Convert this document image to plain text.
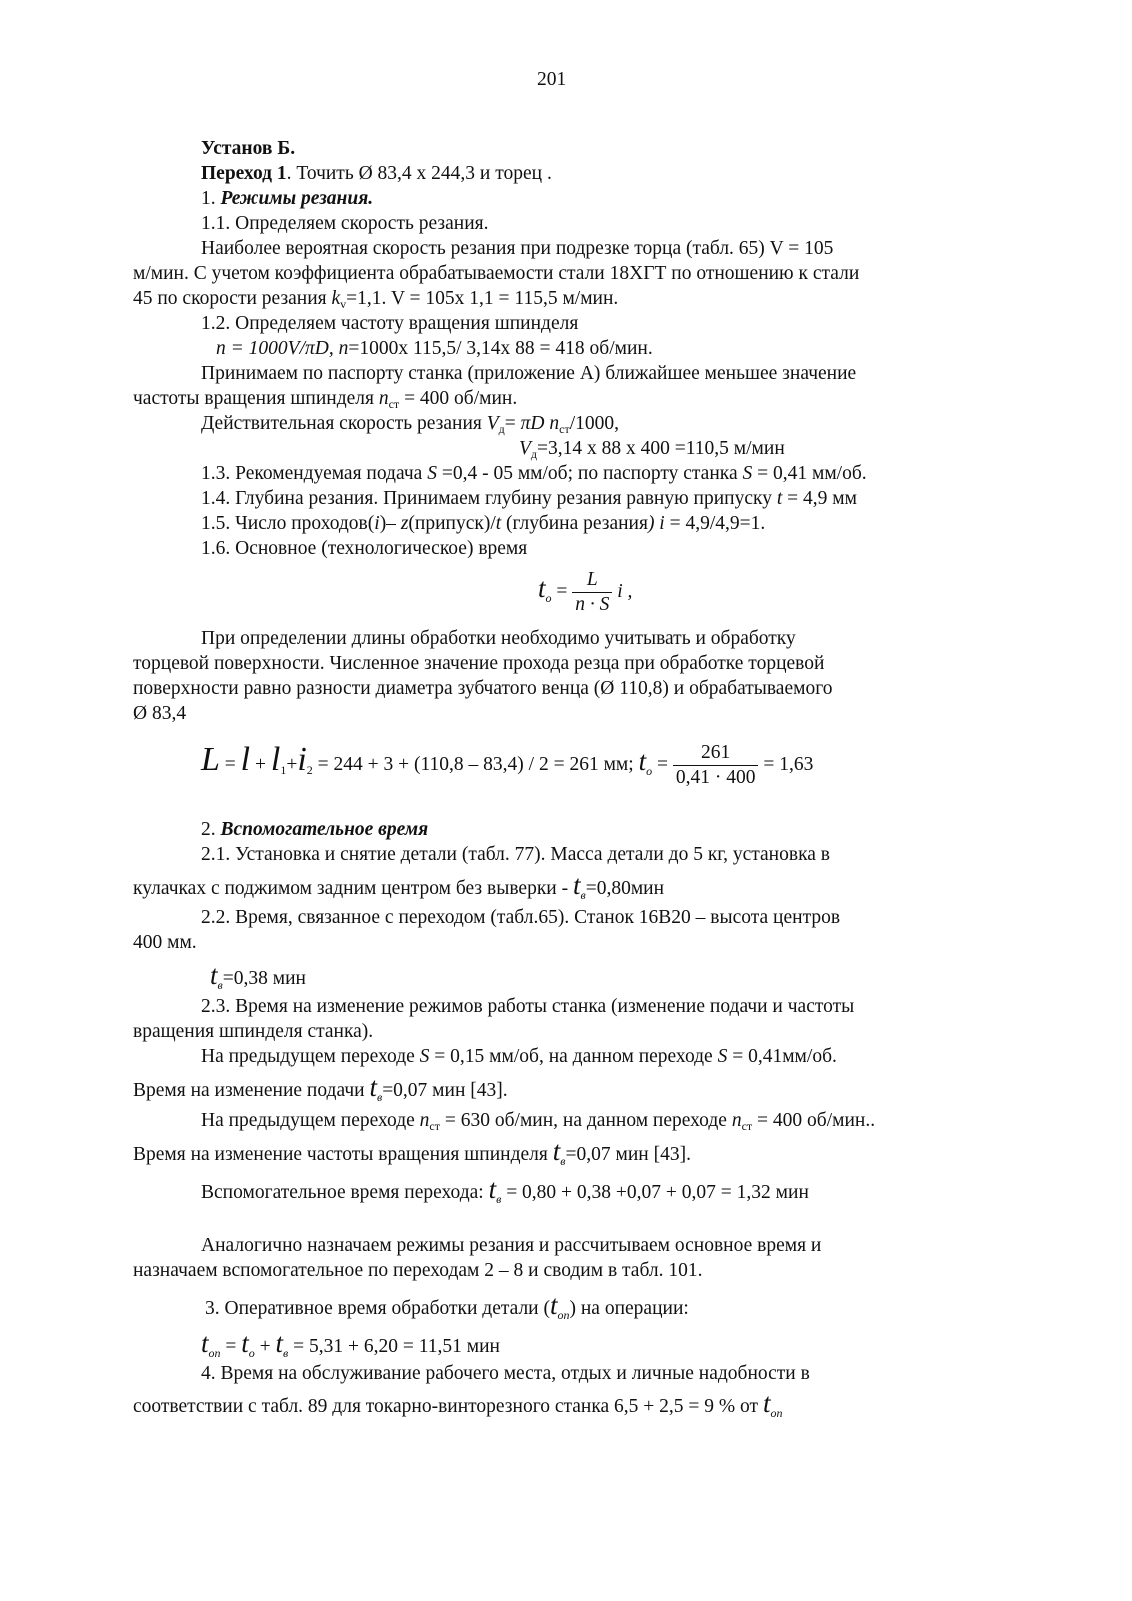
201
Установ Б.
Переход 1. Точить Ø 83,4 х 244,3 и торец .
1. Режимы резания.
1.1. Определяем скорость резания.
Наиболее вероятная скорость резания при подрезке торца (табл. 65) V = 105
м/мин. С учетом коэффициента обрабатываемости стали 18ХГТ по отношению к стали
45 по скорости резания $k_v=1,1$. V = 105х 1,1 = 115,5 м/мин.
1.2. Определяем частоту вращения шпинделя
n = 1000V/πD, n=1000х 115,5/ 3,14х 88 = 418 об/мин.
Принимаем по паспорту станка (приложение А) ближайшее меньшее значение
частоты вращения шпинделя $n_{ст} = 400$ об/мин.
Действительная скорость резания $V_д= \pi D$ $n_{ст}/1000$,
$V_д=3,14$ х 88 х 400 =110,5 м/мин
1.3. Рекомендуемая подача S =0,4 - 05 мм/об; по паспорту станка S = 0,41 мм/об.
1.4. Глубина резания. Принимаем глубину резания равную припуску t = 4,9 мм
1.5. Число проходов(i)– z(припуск)/t (глубина резания) i = 4,9/4,9=1.
1.6. Основное (технологическое) время
$t_o = \frac{L}{n \cdot S}$ i ,
При определении длины обработки необходимо учитывать и обработку
торцевой поверхности. Численное значение прохода резца при обработке торцевой
поверхности равно разности диаметра зубчатого венца (Ø 110,8) и обрабатываемого
Ø 83,4
$L = l + l_1+i_2 = 244 + 3 + (110,8 - 83,4) / 2 = 261$ мм; $t_o = \frac{261}{0,41 \cdot 400} = 1,63$
2. Вспомогательное время
2.1. Установка и снятие детали (табл. 77). Масса детали до 5 кг, установка в
кулачках с поджимом задним центром без выверки - $t_в=0,80мин$
2.2. Время, связанное с переходом (табл.65). Станок 16В20 – высота центров
400 мм.
$t_в=0,38$ мин
2.3. Время на изменение режимов работы станка (изменение подачи и частоты
вращения шпинделя станка).
На предыдущем переходе S = 0,15 мм/об, на данном переходе S = 0,41мм/об.
Время на изменение подачи $t_в=0,07$ мин [43].
На предыдущем переходе $n_{ст} = 630$ об/мин, на данном переходе $n_{ст} = 400$ об/мин..
Время на изменение частоты вращения шпинделя $t_в=0,07$ мин [43].
Вспомогательное время перехода: $t_в = 0,80 + 0,38 +0,07 + 0,07 = 1,32$ мин
Аналогично назначаем режимы резания и рассчитываем основное время и
назначаем вспомогательное по переходам 2 – 8 и сводим в табл. 101.
3. Оперативное время обработки детали $(t_{оп})$ на операции:
$t_{оп} = t_о + t_в = 5,31 + 6,20 = 11,51$ мин
4. Время на обслуживание рабочего места, отдых и личные надобности в
соответствии с табл. 89 для токарно-винторезного станка 6,5 + 2,5 = 9 % от $t_{оп}$
